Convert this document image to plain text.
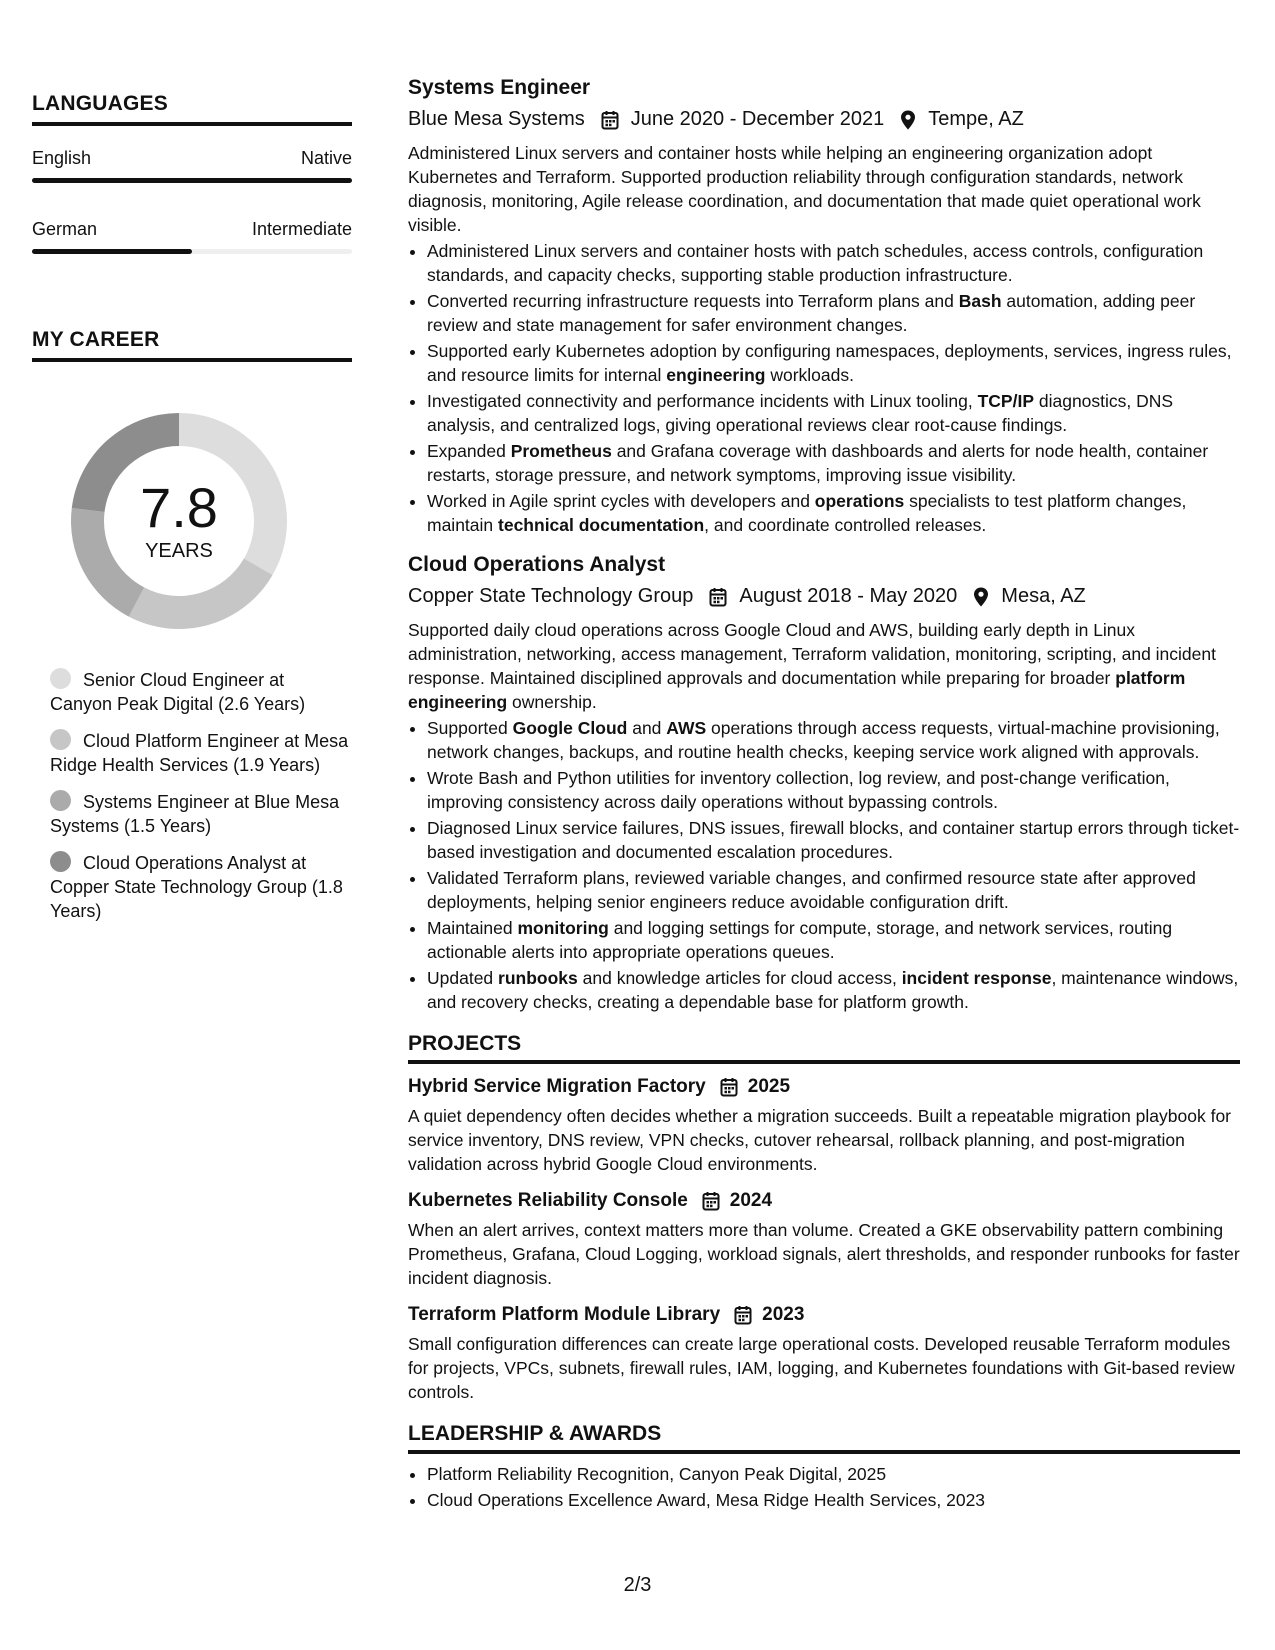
LANGUAGES
English	Native
German	Intermediate
MY CAREER
7.8
YEARS
Senior Cloud Engineer at Canyon Peak Digital (2.6 Years)
Cloud Platform Engineer at Mesa Ridge Health Services (1.9 Years)
Systems Engineer at Blue Mesa Systems (1.5 Years)
Cloud Operations Analyst at Copper State Technology Group (1.8 Years)
Systems Engineer
Blue Mesa Systems June 2020 - December 2021 Tempe, AZ

Administered Linux servers and container hosts while helping an engineering organization adopt Kubernetes and Terraform. Supported production reliability through configuration standards, network diagnosis, monitoring, Agile release coordination, and documentation that made quiet operational work visible.

• Administered Linux servers and container hosts with patch schedules, access controls, configuration standards, and capacity checks, supporting stable production infrastructure.
• Converted recurring infrastructure requests into Terraform plans and Bash automation, adding peer review and state management for safer environment changes.
• Supported early Kubernetes adoption by configuring namespaces, deployments, services, ingress rules, and resource limits for internal engineering workloads.
• Investigated connectivity and performance incidents with Linux tooling, TCP/IP diagnostics, DNS analysis, and centralized logs, giving operational reviews clear root-cause findings.
• Expanded Prometheus and Grafana coverage with dashboards and alerts for node health, container restarts, storage pressure, and network symptoms, improving issue visibility.
• Worked in Agile sprint cycles with developers and operations specialists to test platform changes, maintain technical documentation, and coordinate controlled releases.
Cloud Operations Analyst
Copper State Technology Group August 2018 - May 2020 Mesa, AZ

Supported daily cloud operations across Google Cloud and AWS, building early depth in Linux administration, networking, access management, Terraform validation, monitoring, scripting, and incident response. Maintained disciplined approvals and documentation while preparing for broader platform engineering ownership.

• Supported Google Cloud and AWS operations through access requests, virtual-machine provisioning, network changes, backups, and routine health checks, keeping service work aligned with approvals.
• Wrote Bash and Python utilities for inventory collection, log review, and post-change verification, improving consistency across daily operations without bypassing controls.
• Diagnosed Linux service failures, DNS issues, firewall blocks, and container startup errors through ticket-based investigation and documented escalation procedures.
• Validated Terraform plans, reviewed variable changes, and confirmed resource state after approved deployments, helping senior engineers reduce avoidable configuration drift.
• Maintained monitoring and logging settings for compute, storage, and network services, routing actionable alerts into appropriate operations queues.
• Updated runbooks and knowledge articles for cloud access, incident response, maintenance windows, and recovery checks, creating a dependable base for platform growth.
PROJECTS
Hybrid Service Migration Factory 2025

A quiet dependency often decides whether a migration succeeds. Built a repeatable migration playbook for service inventory, DNS review, VPN checks, cutover rehearsal, rollback planning, and post-migration validation across hybrid Google Cloud environments.

Kubernetes Reliability Console 2024

When an alert arrives, context matters more than volume. Created a GKE observability pattern combining Prometheus, Grafana, Cloud Logging, workload signals, alert thresholds, and responder runbooks for faster incident diagnosis.

Terraform Platform Module Library 2023

Small configuration differences can create large operational costs. Developed reusable Terraform modules for projects, VPCs, subnets, firewall rules, IAM, logging, and Kubernetes foundations with Git-based review controls.

LEADERSHIP & AWARDS
• Platform Reliability Recognition, Canyon Peak Digital, 2025
• Cloud Operations Excellence Award, Mesa Ridge Health Services, 2023
2/3
